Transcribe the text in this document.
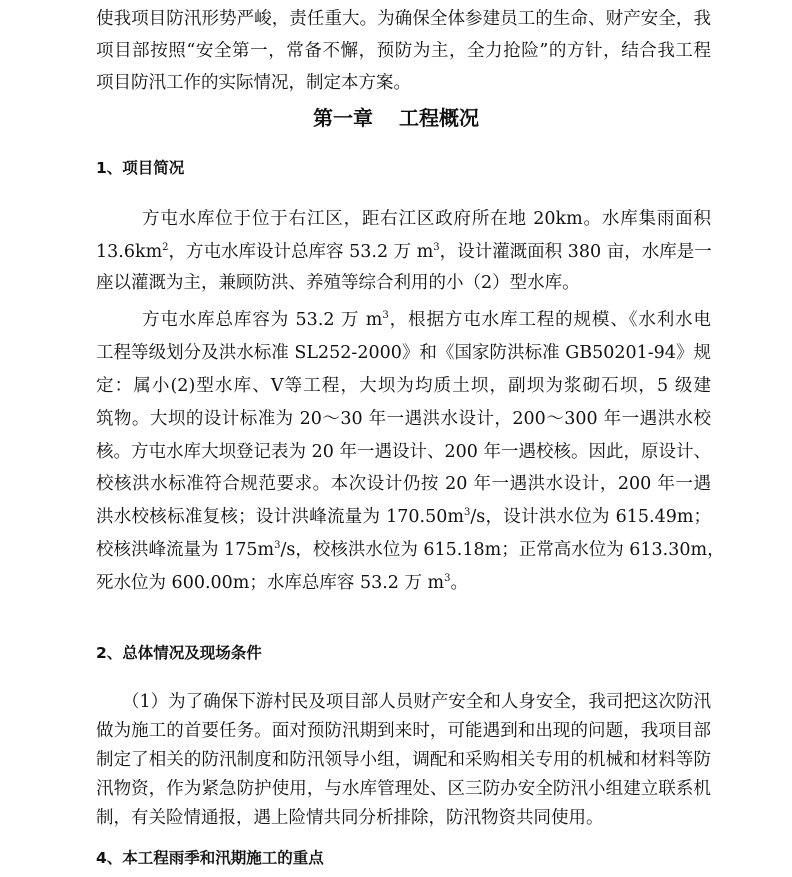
使我项目防汛形势严峻，责任重大。为确保全体参建员工的生命、财产安全，我
项目部按照“安全第一，常备不懈，预防为主，全力抢险”的方针，结合我工程
项目防汛工作的实际情况，制定本方案。
第一章 工程概况
1、项目简况
方屯水库位于位于右江区，距右江区政府所在地 20km。水库集雨面积
$13.6km^2$，方屯水库设计总库容 53.2 万 $m^3$，设计灌溉面积 380 亩，水库是一
座以灌溉为主，兼顾防洪、养殖等综合利用的小（2）型水库。
方屯水库总库容为 53.2 万 $m^3$，根据方屯水库工程的规模、《水利水电
工程等级划分及洪水标准 SL252-2000》和《国家防洪标准 GB50201-94》规
定：属小(2)型水库、Ⅴ等工程，大坝为均质土坝，副坝为浆砌石坝，5 级建
筑物。大坝的设计标准为 20～30 年一遇洪水设计，200～300 年一遇洪水校
核。方屯水库大坝登记表为 20 年一遇设计、200 年一遇校核。因此，原设计、
校核洪水标准符合规范要求。本次设计仍按 20 年一遇洪水设计，200 年一遇
洪水校核标准复核；设计洪峰流量为 $170.50m^3/s$，设计洪水位为 615.49m；
校核洪峰流量为 $175m^3/s$，校核洪水位为 615.18m；正常高水位为 613.30m，
死水位为 600.00m；水库总库容 53.2 万 $m^3$。
2、总体情况及现场条件
（1）为了确保下游村民及项目部人员财产安全和人身安全，我司把这次防汛
做为施工的首要任务。面对预防汛期到来时，可能遇到和出现的问题，我项目部
制定了相关的防汛制度和防汛领导小组，调配和采购相关专用的机械和材料等防
汛物资，作为紧急防护使用，与水库管理处、区三防办安全防汛小组建立联系机
制，有关险情通报，遇上险情共同分析排除，防汛物资共同使用。
4、本工程雨季和汛期施工的重点
